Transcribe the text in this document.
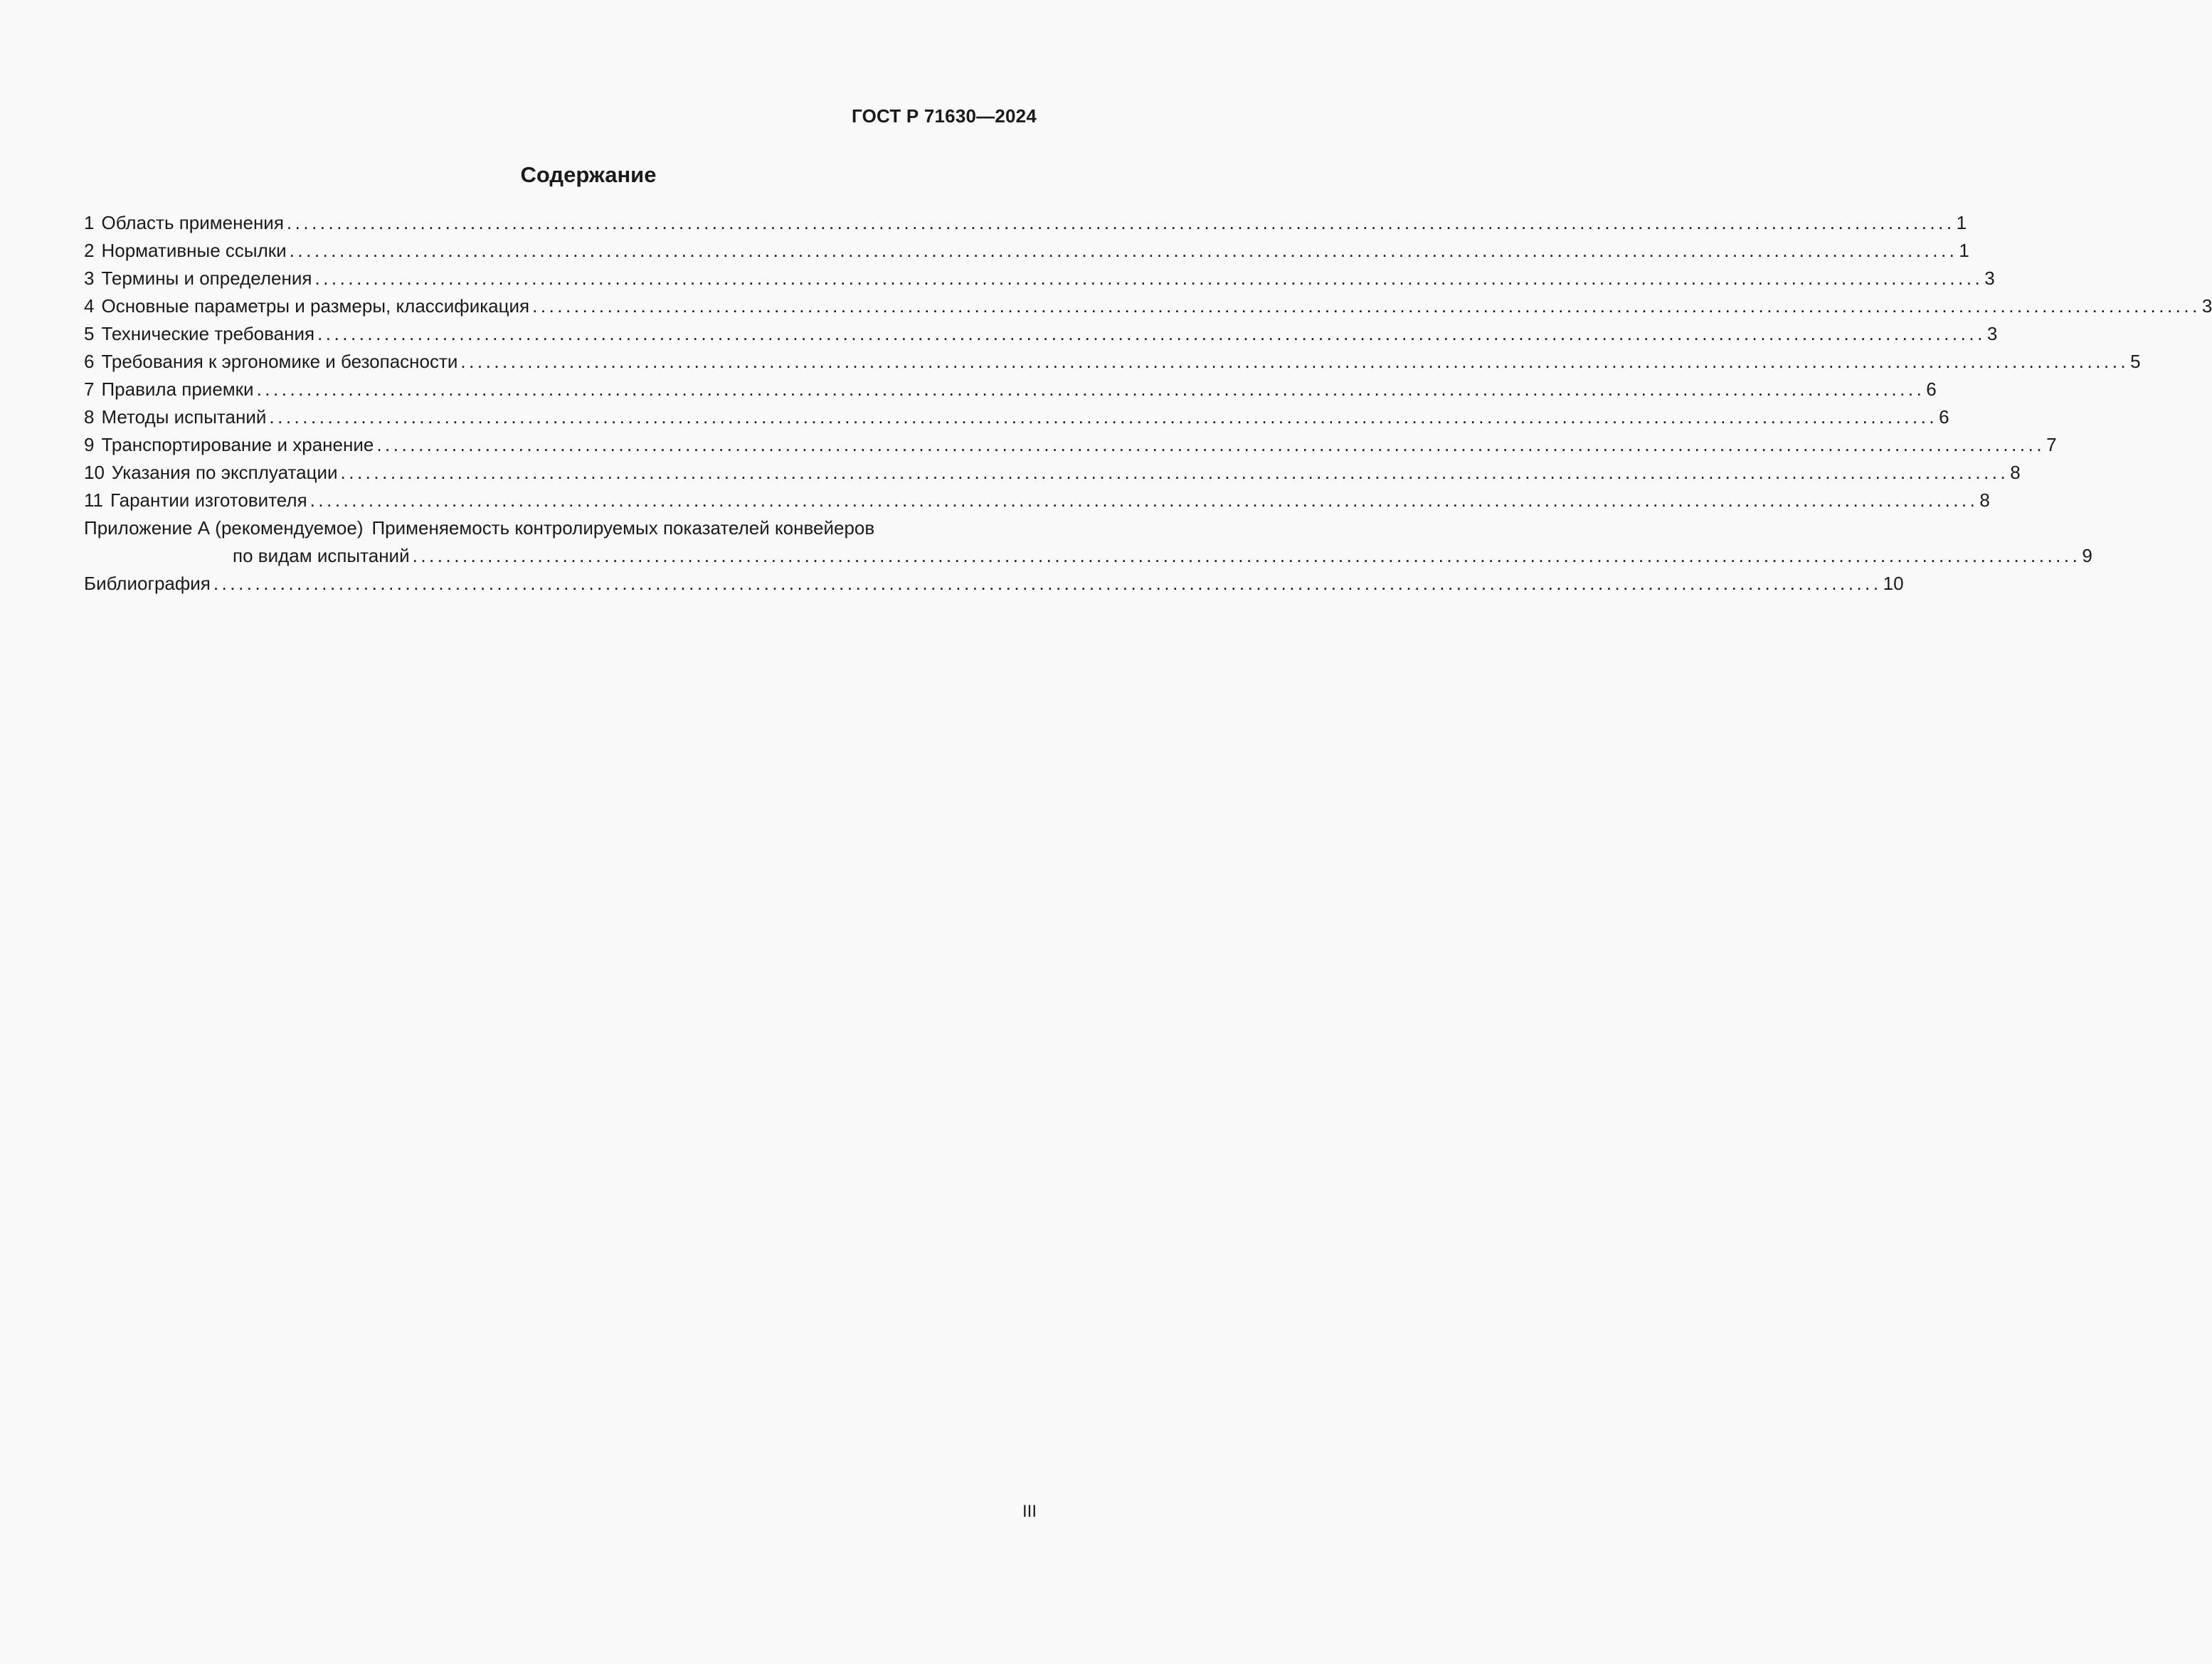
ГОСТ Р 71630—2024
Содержание
1 Область применения ........................................................................................................................................................................................................ 1
2 Нормативные ссылки ........................................................................................................................................................................................................ 1
3 Термины и определения ........................................................................................................................................................................................................ 3
4 Основные параметры и размеры, классификация ........................................................................................................................................................................................................ 3
5 Технические требования ........................................................................................................................................................................................................ 3
6 Требования к эргономике и безопасности ........................................................................................................................................................................................................ 5
7 Правила приемки ........................................................................................................................................................................................................ 6
8 Методы испытаний ........................................................................................................................................................................................................ 6
9 Транспортирование и хранение ........................................................................................................................................................................................................ 7
10 Указания по эксплуатации ........................................................................................................................................................................................................ 8
11 Гарантии изготовителя ........................................................................................................................................................................................................ 8
Приложение А (рекомендуемое) Применяемость контролируемых показателей конвейеров
по видам испытаний ........................................................................................................................................................................................................ 9
Библиография ........................................................................................................................................................................................................ 10
III
